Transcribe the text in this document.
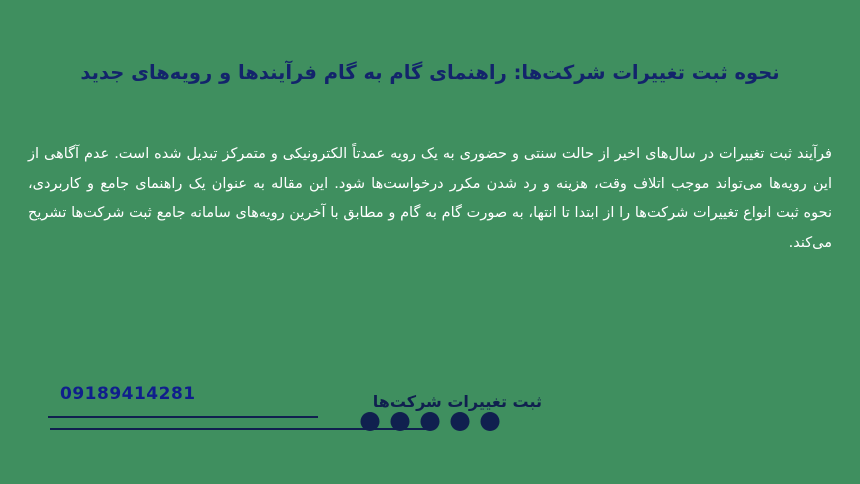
نحوه ثبت تغییرات شرکت‌ها: راهنمای گام به گام فرآیندها و رویه‌های جدید
فرآیند ثبت تغییرات در سال‌های اخیر از حالت سنتی و حضوری به یک رویه عمدتاً الکترونیکی و متمرکز تبدیل شده است. عدم آگاهی از این رویه‌ها می‌تواند موجب اتلاف وقت، هزینه و رد شدن مکرر درخواست‌ها شود. این مقاله به عنوان یک راهنمای جامع و کاربردی، نحوه ثبت انواع تغییرات شرکت‌ها را از ابتدا تا انتها، به صورت گام به گام و مطابق با آخرین رویه‌های سامانه جامع ثبت شرکت‌ها تشریح می‌کند.
ثبت تغییرات شرکت‌ها
09189414281
